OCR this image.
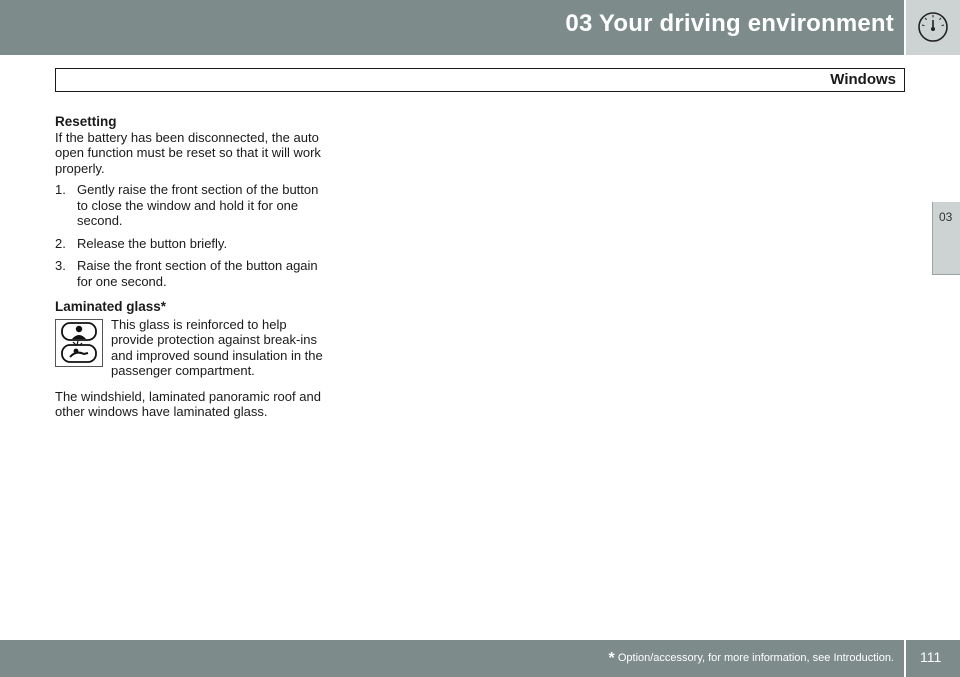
03 Your driving environment
Windows
03
Resetting

If the battery has been disconnected, the auto open function must be reset so that it will work properly.

1. Gently raise the front section of the button to close the window and hold it for one second.
2. Release the button briefly.
3. Raise the front section of the button again for one second.
Laminated glass*
This glass is reinforced to help provide protection against break-ins and improved sound insulation in the passenger compartment.

The windshield, laminated panoramic roof and other windows have laminated glass.

* Option/accessory, for more information, see Introduction. 111
